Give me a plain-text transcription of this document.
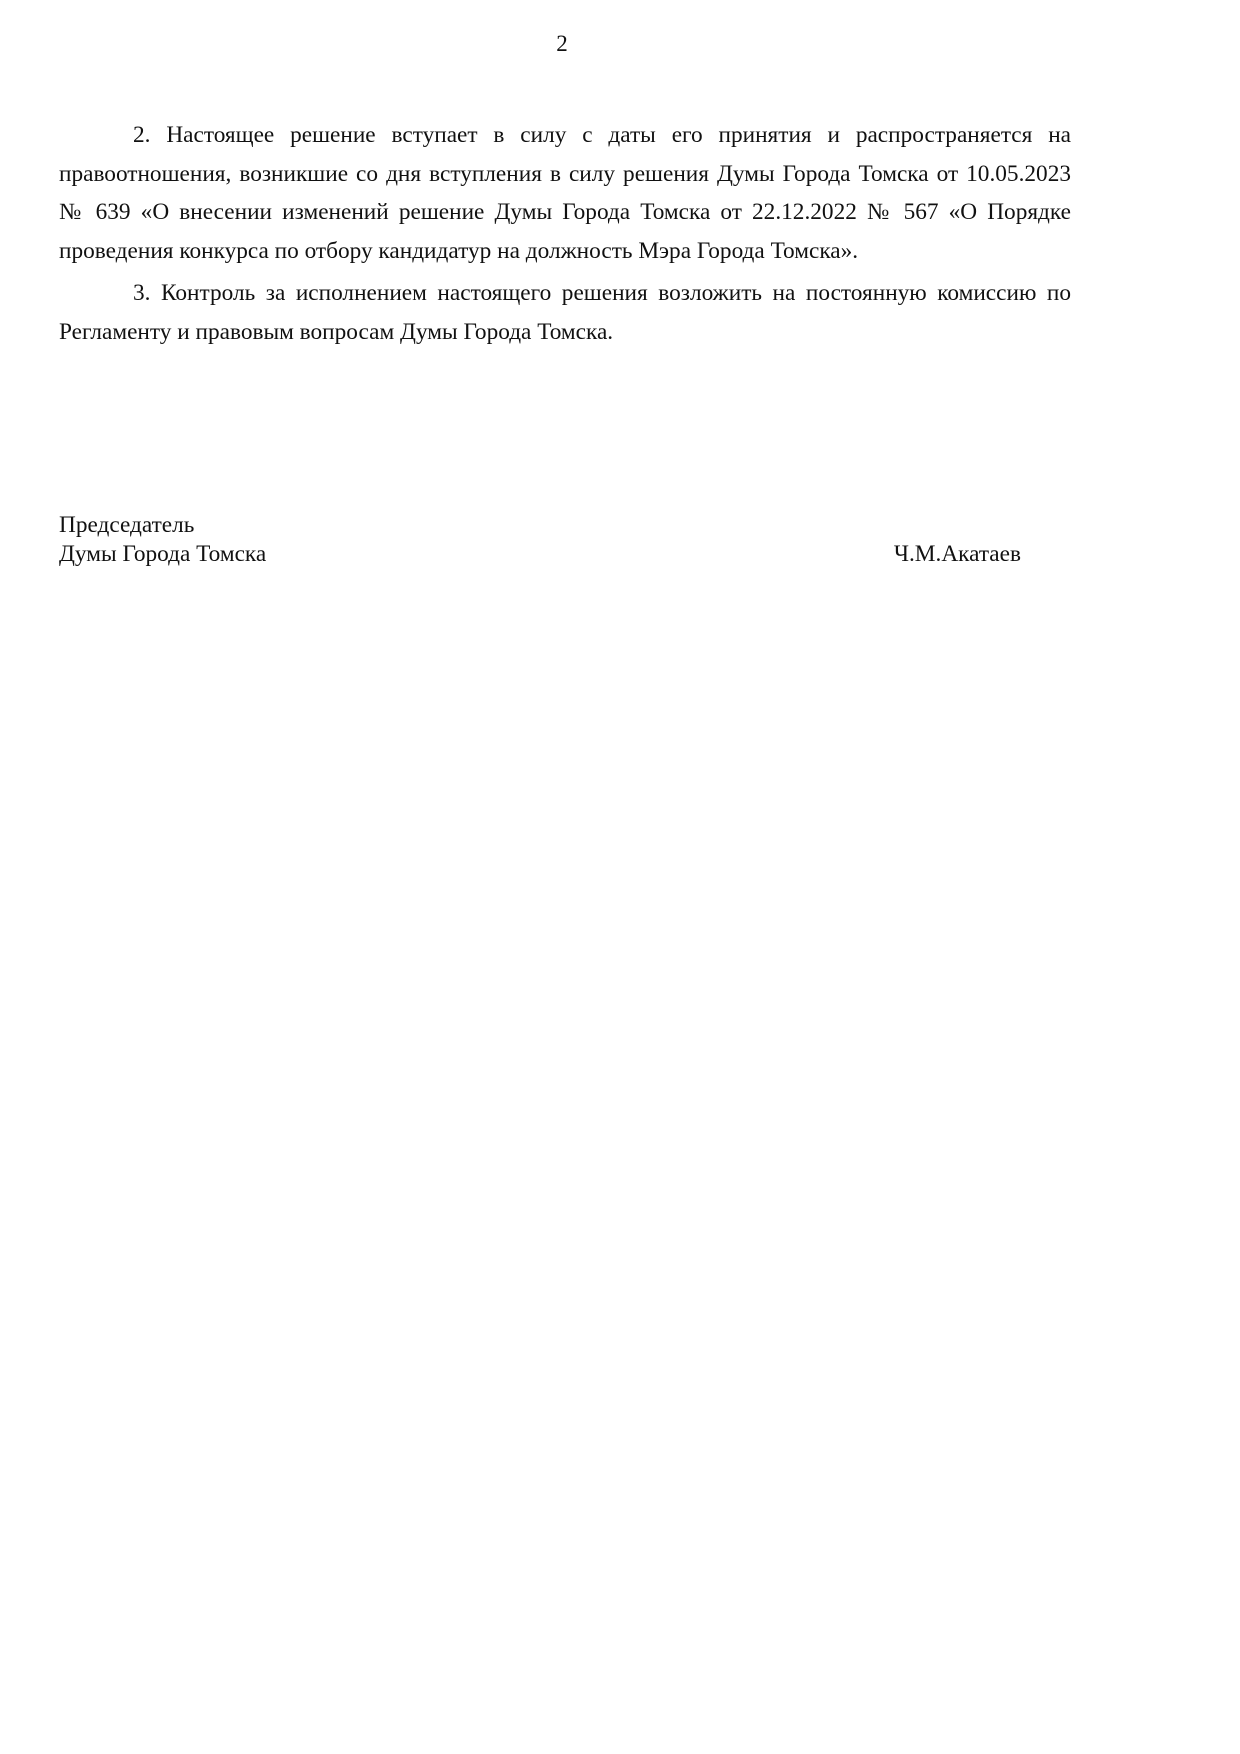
2

2. Настоящее решение вступает в силу с даты его принятия и распространяется на правоотношения, возникшие со дня вступления в силу решения Думы Города Томска от 10.05.2023 № 639 «О внесении изменений решение Думы Города Томска от 22.12.2022 № 567 «О Порядке проведения конкурса по отбору кандидатур на должность Мэра Города Томска».

3. Контроль за исполнением настоящего решения возложить на постоянную комиссию по Регламенту и правовым вопросам Думы Города Томска.

Председатель
Думы Города Томска	Ч.М.Акатаев
